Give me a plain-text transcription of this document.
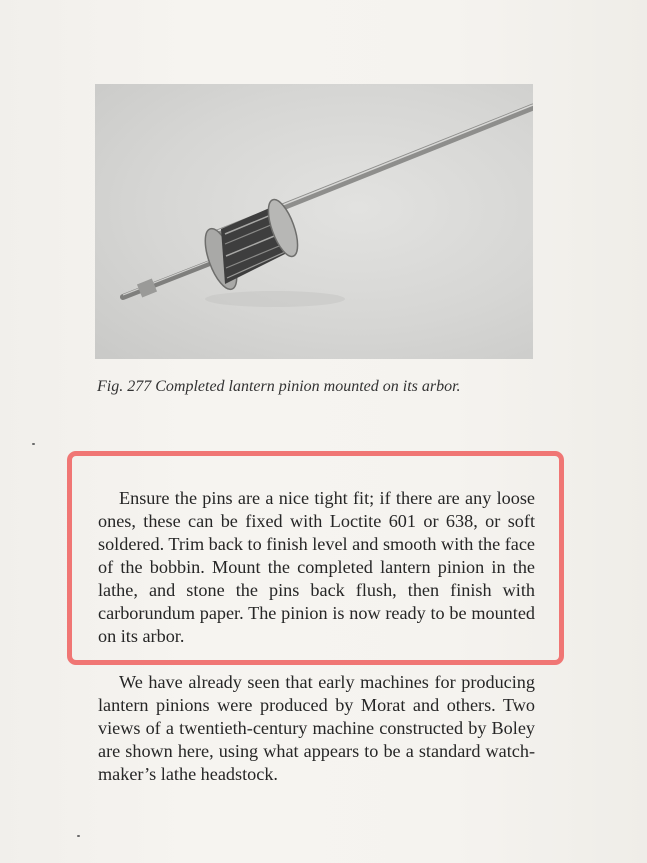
Fig. 277 Completed lantern pinion mounted on its arbor.

Ensure the pins are a nice tight fit; if there are any loose ones, these can be fixed with Loctite 601 or 638, or soft soldered. Trim back to finish level and smooth with the face of the bobbin. Mount the completed lantern pinion in the lathe, and stone the pins back flush, then finish with carborundum paper. The pinion is now ready to be mounted on its arbor.

We have already seen that early machines for producing lantern pinions were produced by Morat and others. Two views of a twentieth-century machine constructed by Boley are shown here, using what appears to be a standard watch-maker’s lathe headstock.
